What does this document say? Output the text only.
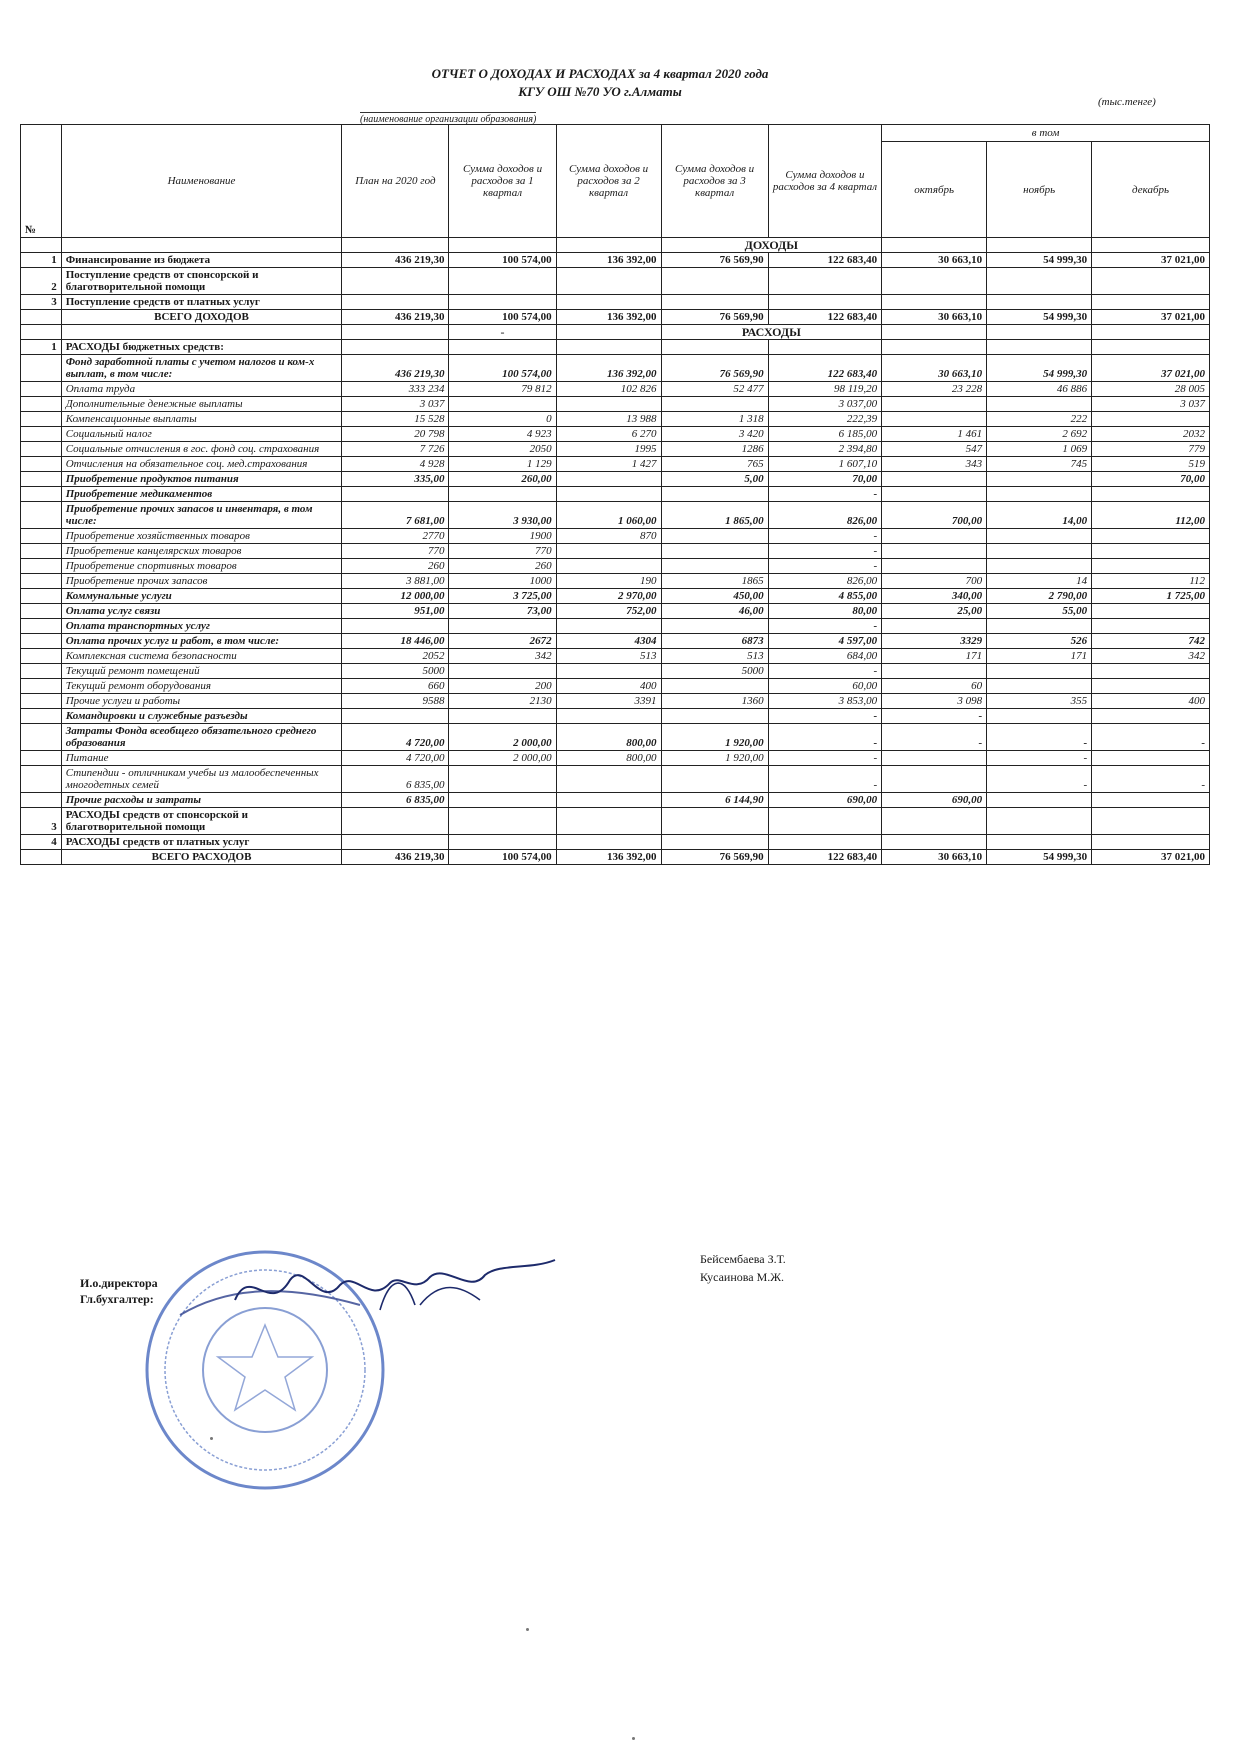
ОТЧЕТ О ДОХОДАХ И РАСХОДАХ за 4 квартал 2020 года
КГУ ОШ №70 УО г.Алматы
(тыс.тенге)
(наименование организации образования)
№	Наименование	План на 2020 год	Сумма доходов и расходов за 1 квартал	Сумма доходов и расходов за 2 квартал	Сумма доходов и расходов за 3 квартал	Сумма доходов и расходов за 4 квартал	в том		
							октябрь	ноябрь	декабрь
					ДОХОДЫ				
1	Финансирование из бюджета	436 219,30	100 574,00	136 392,00	76 569,90	122 683,40	30 663,10	54 999,30	37 021,00
2	Поступление средств от спонсорской и благотворительной помощи								
3	Поступление средств от платных услуг								
	ВСЕГО ДОХОДОВ	436 219,30	100 574,00	136 392,00	76 569,90	122 683,40	30 663,10	54 999,30	37 021,00
			-		РАСХОДЫ				
1	РАСХОДЫ бюджетных средств:								
	Фонд заработной платы с учетом налогов и ком-х выплат, в том числе:	436 219,30	100 574,00	136 392,00	76 569,90	122 683,40	30 663,10	54 999,30	37 021,00
	Оплата труда	333 234	79 812	102 826	52 477	98 119,20	23 228	46 886	28 005
	Дополнительные денежные выплаты	3 037				3 037,00			3 037
	Компенсационные выплаты	15 528	0	13 988	1 318	222,39		222	
	Социальный налог	20 798	4 923	6 270	3 420	6 185,00	1 461	2 692	2032
	Социальные отчисления в гос. фонд соц. страхования	7 726	2050	1995	1286	2 394,80	547	1 069	779
	Отчисления на обязательное соц. мед.страхования	4 928	1 129	1 427	765	1 607,10	343	745	519
	Приобретение продуктов питания	335,00	260,00		5,00	70,00			70,00
	Приобретение медикаментов					-			
	Приобретение прочих запасов и инвентаря, в том числе:	7 681,00	3 930,00	1 060,00	1 865,00	826,00	700,00	14,00	112,00
	Приобретение хозяйственных товаров	2770	1900	870		-			
	Приобретение канцелярских товаров	770	770			-			
	Приобретение спортивных товаров	260	260			-			
	Приобретение прочих запасов	3 881,00	1000	190	1865	826,00	700	14	112
	Коммунальные услуги	12 000,00	3 725,00	2 970,00	450,00	4 855,00	340,00	2 790,00	1 725,00
	Оплата услуг связи	951,00	73,00	752,00	46,00	80,00	25,00	55,00	
	Оплата транспортных услуг					-			
	Оплата прочих услуг и работ, в том числе:	18 446,00	2672	4304	6873	4 597,00	3329	526	742
	Комплексная система безопасности	2052	342	513	513	684,00	171	171	342
	Текущий ремонт помещений	5000			5000	-			
	Текущий ремонт оборудования	660	200	400		60,00	60		
	Прочие услуги и работы	9588	2130	3391	1360	3 853,00	3 098	355	400
	Командировки и служебные разъезды					-	-		
	Затраты Фонда всеобщего обязательного среднего образования	4 720,00	2 000,00	800,00	1 920,00	-	-	-	-
	Питание	4 720,00	2 000,00	800,00	1 920,00	-		-	
	Стипендии - отличникам учебы из малообеспеченных многодетных семей	6 835,00				-		-	-
	Прочие расходы и затраты	6 835,00			6 144,90	690,00	690,00		
3	РАСХОДЫ средств от спонсорской и благотворительной помощи								
4	РАСХОДЫ средств от платных услуг								
	ВСЕГО РАСХОДОВ	436 219,30	100 574,00	136 392,00	76 569,90	122 683,40	30 663,10	54 999,30	37 021,00
И.о.директора
Гл.бухгалтер:
Бейсембаева З.Т.
Кусаинова М.Ж.
